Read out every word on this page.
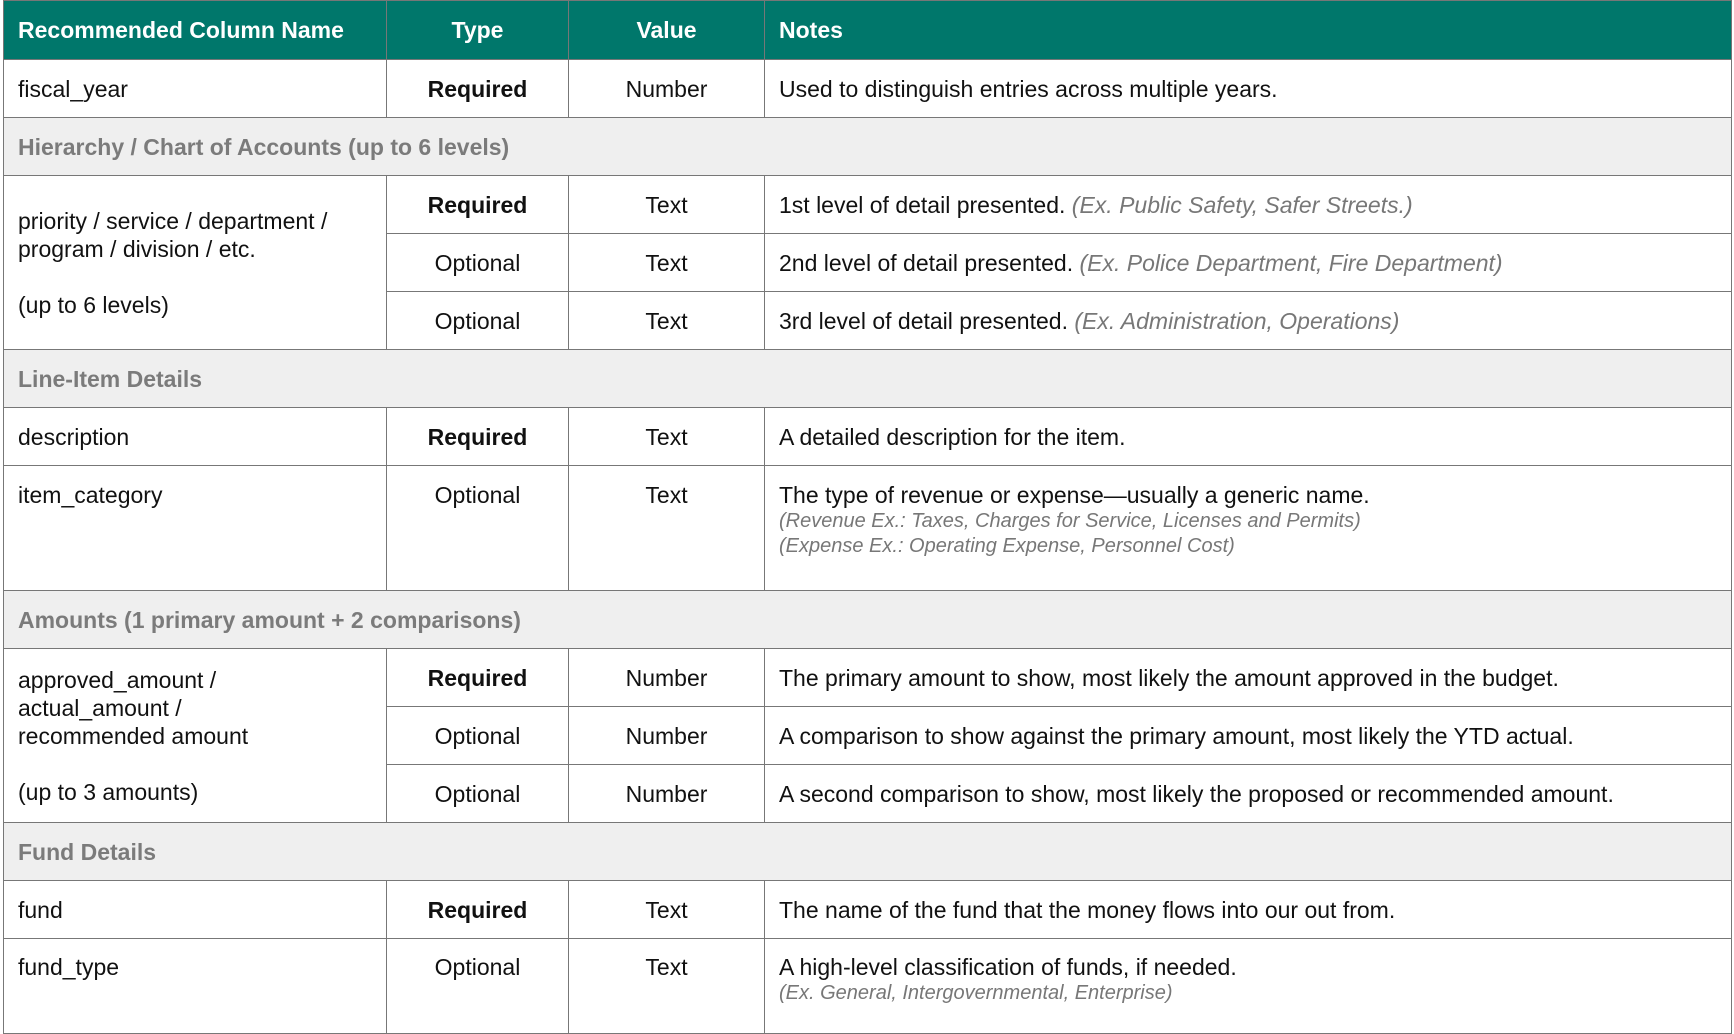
Recommended Column Name	Type	Value	Notes
fiscal_year	Required	Number	Used to distinguish entries across multiple years.
Hierarchy / Chart of Accounts (up to 6 levels)			
priority / service / department /
program / division / etc.
(up to 6 levels)	Required	Text	1st level of detail presented. (Ex. Public Safety, Safer Streets.)
	Optional	Text	2nd level of detail presented. (Ex. Police Department, Fire Department)
	Optional	Text	3rd level of detail presented. (Ex. Administration, Operations)
Line-Item Details			
description	Required	Text	A detailed description for the item.
item_category	Optional	Text	The type of revenue or expense—usually a generic name.
(Revenue Ex.: Taxes, Charges for Service, Licenses and Permits)
(Expense Ex.: Operating Expense, Personnel Cost)

Amounts (1 primary amount + 2 comparisons)			
approved_amount /
actual_amount /
recommended amount
(up to 3 amounts)	Required	Number	The primary amount to show, most likely the amount approved in the budget.
	Optional	Number	A comparison to show against the primary amount, most likely the YTD actual.
	Optional	Number	A second comparison to show, most likely the proposed or recommended amount.
Fund Details			
fund	Required	Text	The name of the fund that the money flows into our out from.
fund_type	Optional	Text	A high-level classification of funds, if needed.
(Ex. General, Intergovernmental, Enterprise)
